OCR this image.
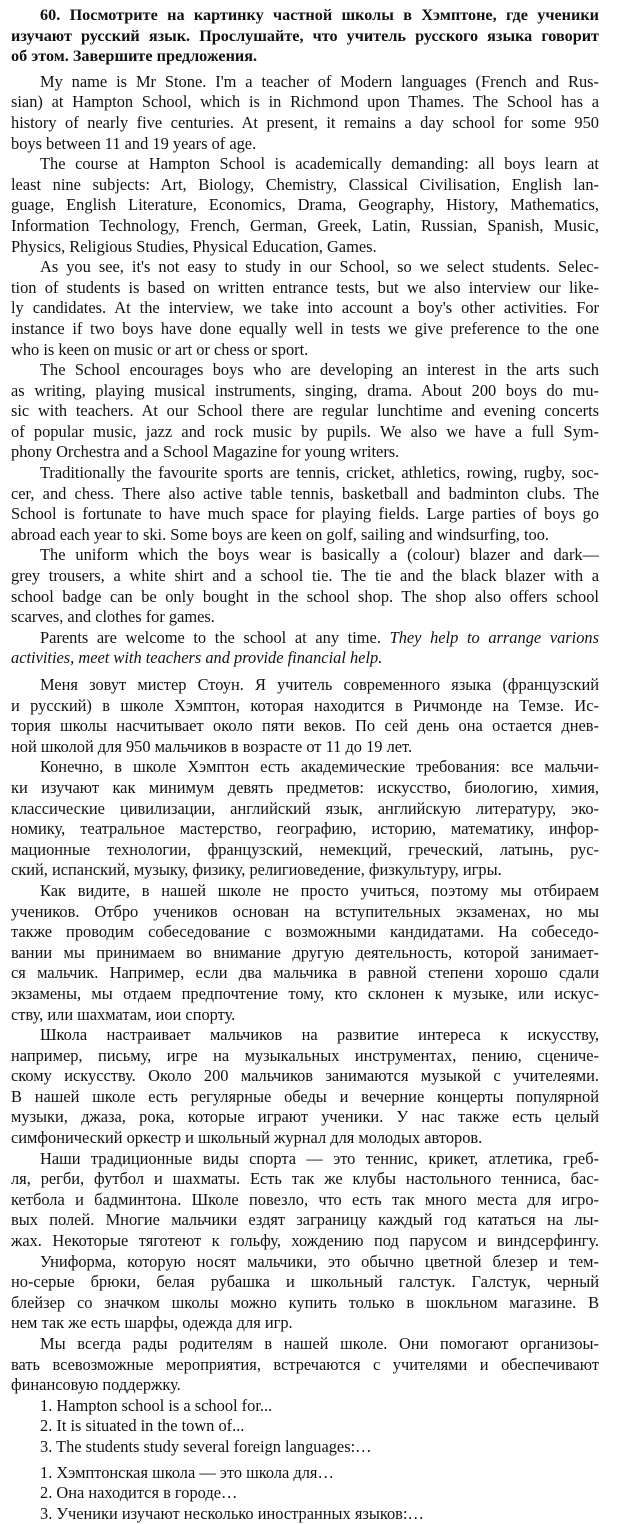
60. Посмотрите на картинку частной школы в Хэмптоне, где ученики
изучают русский язык. Прослушайте, что учитель русского языка говорит
об этом. Завершите предложения.
My name is Mr Stone. I'm a teacher of Modern languages (French and Rus-
sian) at Hampton School, which is in Richmond upon Thames. The School has a
history of nearly five centuries. At present, it remains a day school for some 950
boys between 11 and 19 years of age.
The course at Hampton School is academically demanding: all boys learn at
least nine subjects: Art, Biology, Chemistry, Classical Civilisation, English lan-
guage, English Literature, Economics, Drama, Geography, History, Mathematics,
Information Technology, French, German, Greek, Latin, Russian, Spanish, Music,
Physics, Religious Studies, Physical Education, Games.
As you see, it's not easy to study in our School, so we select students. Selec-
tion of students is based on written entrance tests, but we also interview our like-
ly candidates. At the interview, we take into account a boy's other activities. For
instance if two boys have done equally well in tests we give preference to the one
who is keen on music or art or chess or sport.
The School encourages boys who are developing an interest in the arts such
as writing, playing musical instruments, singing, drama. About 200 boys do mu-
sic with teachers. At our School there are regular lunchtime and evening concerts
of popular music, jazz and rock music by pupils. We also we have a full Sym-
phony Orchestra and a School Magazine for young writers.
Traditionally the favourite sports are tennis, cricket, athletics, rowing, rugby, soc-
cer, and chess. There also active table tennis, basketball and badminton clubs. The
School is fortunate to have much space for playing fields. Large parties of boys go
abroad each year to ski. Some boys are keen on golf, sailing and windsurfing, too.
The uniform which the boys wear is basically a (colour) blazer and dark—
grey trousers, a white shirt and a school tie. The tie and the black blazer with a
school badge can be only bought in the school shop. The shop also offers school
scarves, and clothes for games.
Parents are welcome to the school at any time. They help to arrange varions
activities, meet with teachers and provide financial help.
Меня зовут мистер Стоун. Я учитель современного языка (французский
и русский) в школе Хэмптон, которая находится в Ричмонде на Темзе. Ис-
тория школы насчитывает около пяти веков. По сей день она остается днев-
ной школой для 950 мальчиков в возрасте от 11 до 19 лет.
Конечно, в школе Хэмптон есть академические требования: все мальчи-
ки изучают как минимум девять предметов: искусство, биологию, химия,
классические цивилизации, английский язык, английскую литературу, эко-
номику, театральное мастерство, географию, историю, математику, инфор-
мационные технологии, французский, немекций, греческий, латынь, рус-
ский, испанский, музыку, физику, религиоведение, физкультуру, игры.
Как видите, в нашей школе не просто учиться, поэтому мы отбираем
учеников. Отбро учеников основан на вступительных экзаменах, но мы
также проводим собеседование с возможными кандидатами. На собеседо-
вании мы принимаем во внимание другую деятельность, которой занимает-
ся мальчик. Например, если два мальчика в равной степени хорошо сдали
экзамены, мы отдаем предпочтение тому, кто склонен к музыке, или искус-
ству, или шахматам, иои спорту.
Школа настраивает мальчиков на развитие интереса к искусству,
например, письму, игре на музыкальных инструментах, пению, сцениче-
скому искусству. Около 200 мальчиков занимаются музыкой с учителеями.
В нашей школе есть регулярные обеды и вечерние концерты популярной
музыки, джаза, рока, которые играют ученики. У нас также есть целый
симфонический оркестр и школьный журнал для молодых авторов.
Наши традиционные виды спорта — это теннис, крикет, атлетика, греб-
ля, регби, футбол и шахматы. Есть так же клубы настольного тенниса, бас-
кетбола и бадминтона. Школе повезло, что есть так много места для игро-
вых полей. Многие мальчики ездят заграницу каждый год кататься на лы-
жах. Некоторые тяготеют к гольфу, хождению под парусом и виндсерфингу.
Униформа, которую носят мальчики, это обычно цветной блезер и тем-
но-серые брюки, белая рубашка и школьный галстук. Галстук, черный
блейзер со значком школы можно купить только в шокльном магазине. В
нем так же есть шарфы, одежда для игр.
Мы всегда рады родителям в нашей школе. Они помогают организоы-
вать всевозможные мероприятия, встречаются с учителями и обеспечивают
финансовую поддержку.
1. Hampton school is a school for...
2. It is situated in the town of...
3. The students study several foreign languages:…
1. Хэмптонская школа — это школа для…
2. Она находится в городе…
3. Ученики изучают несколько иностранных языков:…
